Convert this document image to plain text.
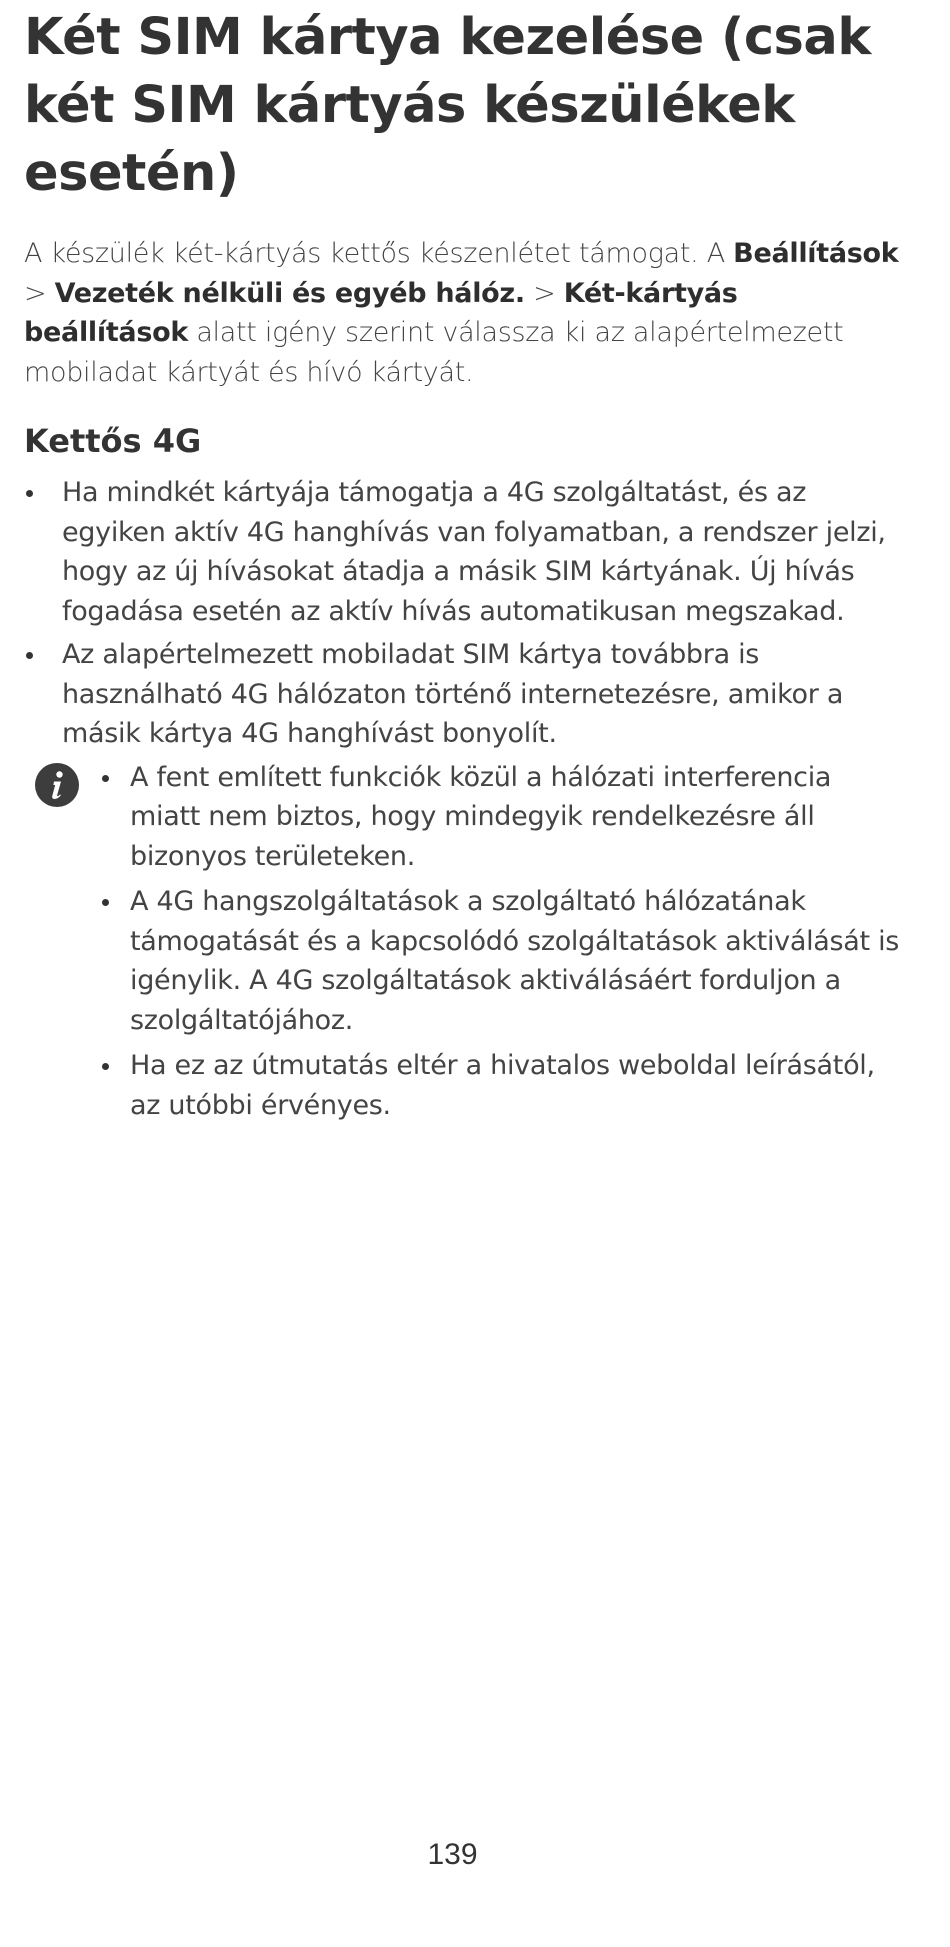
Két SIM kártya kezelése (csak két SIM kártyás készülékek esetén)

A készülék két-kártyás kettős készenlétet támogat. A Beállítások > Vezeték nélküli és egyéb hálóz. > Két-kártyás beállítások alatt igény szerint válassza ki az alapértelmezett mobiladat kártyát és hívó kártyát.

Kettős 4G
Ha mindkét kártyája támogatja a 4G szolgáltatást, és az egyiken aktív 4G hanghívás van folyamatban, a rendszer jelzi, hogy az új hívásokat átadja a másik SIM kártyának. Új hívás fogadása esetén az aktív hívás automatikusan megszakad.
Az alapértelmezett mobiladat SIM kártya továbbra is használható 4G hálózaton történő internetezésre, amikor a másik kártya 4G hanghívást bonyolít.
A fent említett funkciók közül a hálózati interferencia miatt nem biztos, hogy mindegyik rendelkezésre áll bizonyos területeken.
A 4G hangszolgáltatások a szolgáltató hálózatának támogatását és a kapcsolódó szolgáltatások aktiválását is igénylik. A 4G szolgáltatások aktiválásáért forduljon a szolgáltatójához.
Ha ez az útmutatás eltér a hivatalos weboldal leírásától, az utóbbi érvényes.
139
